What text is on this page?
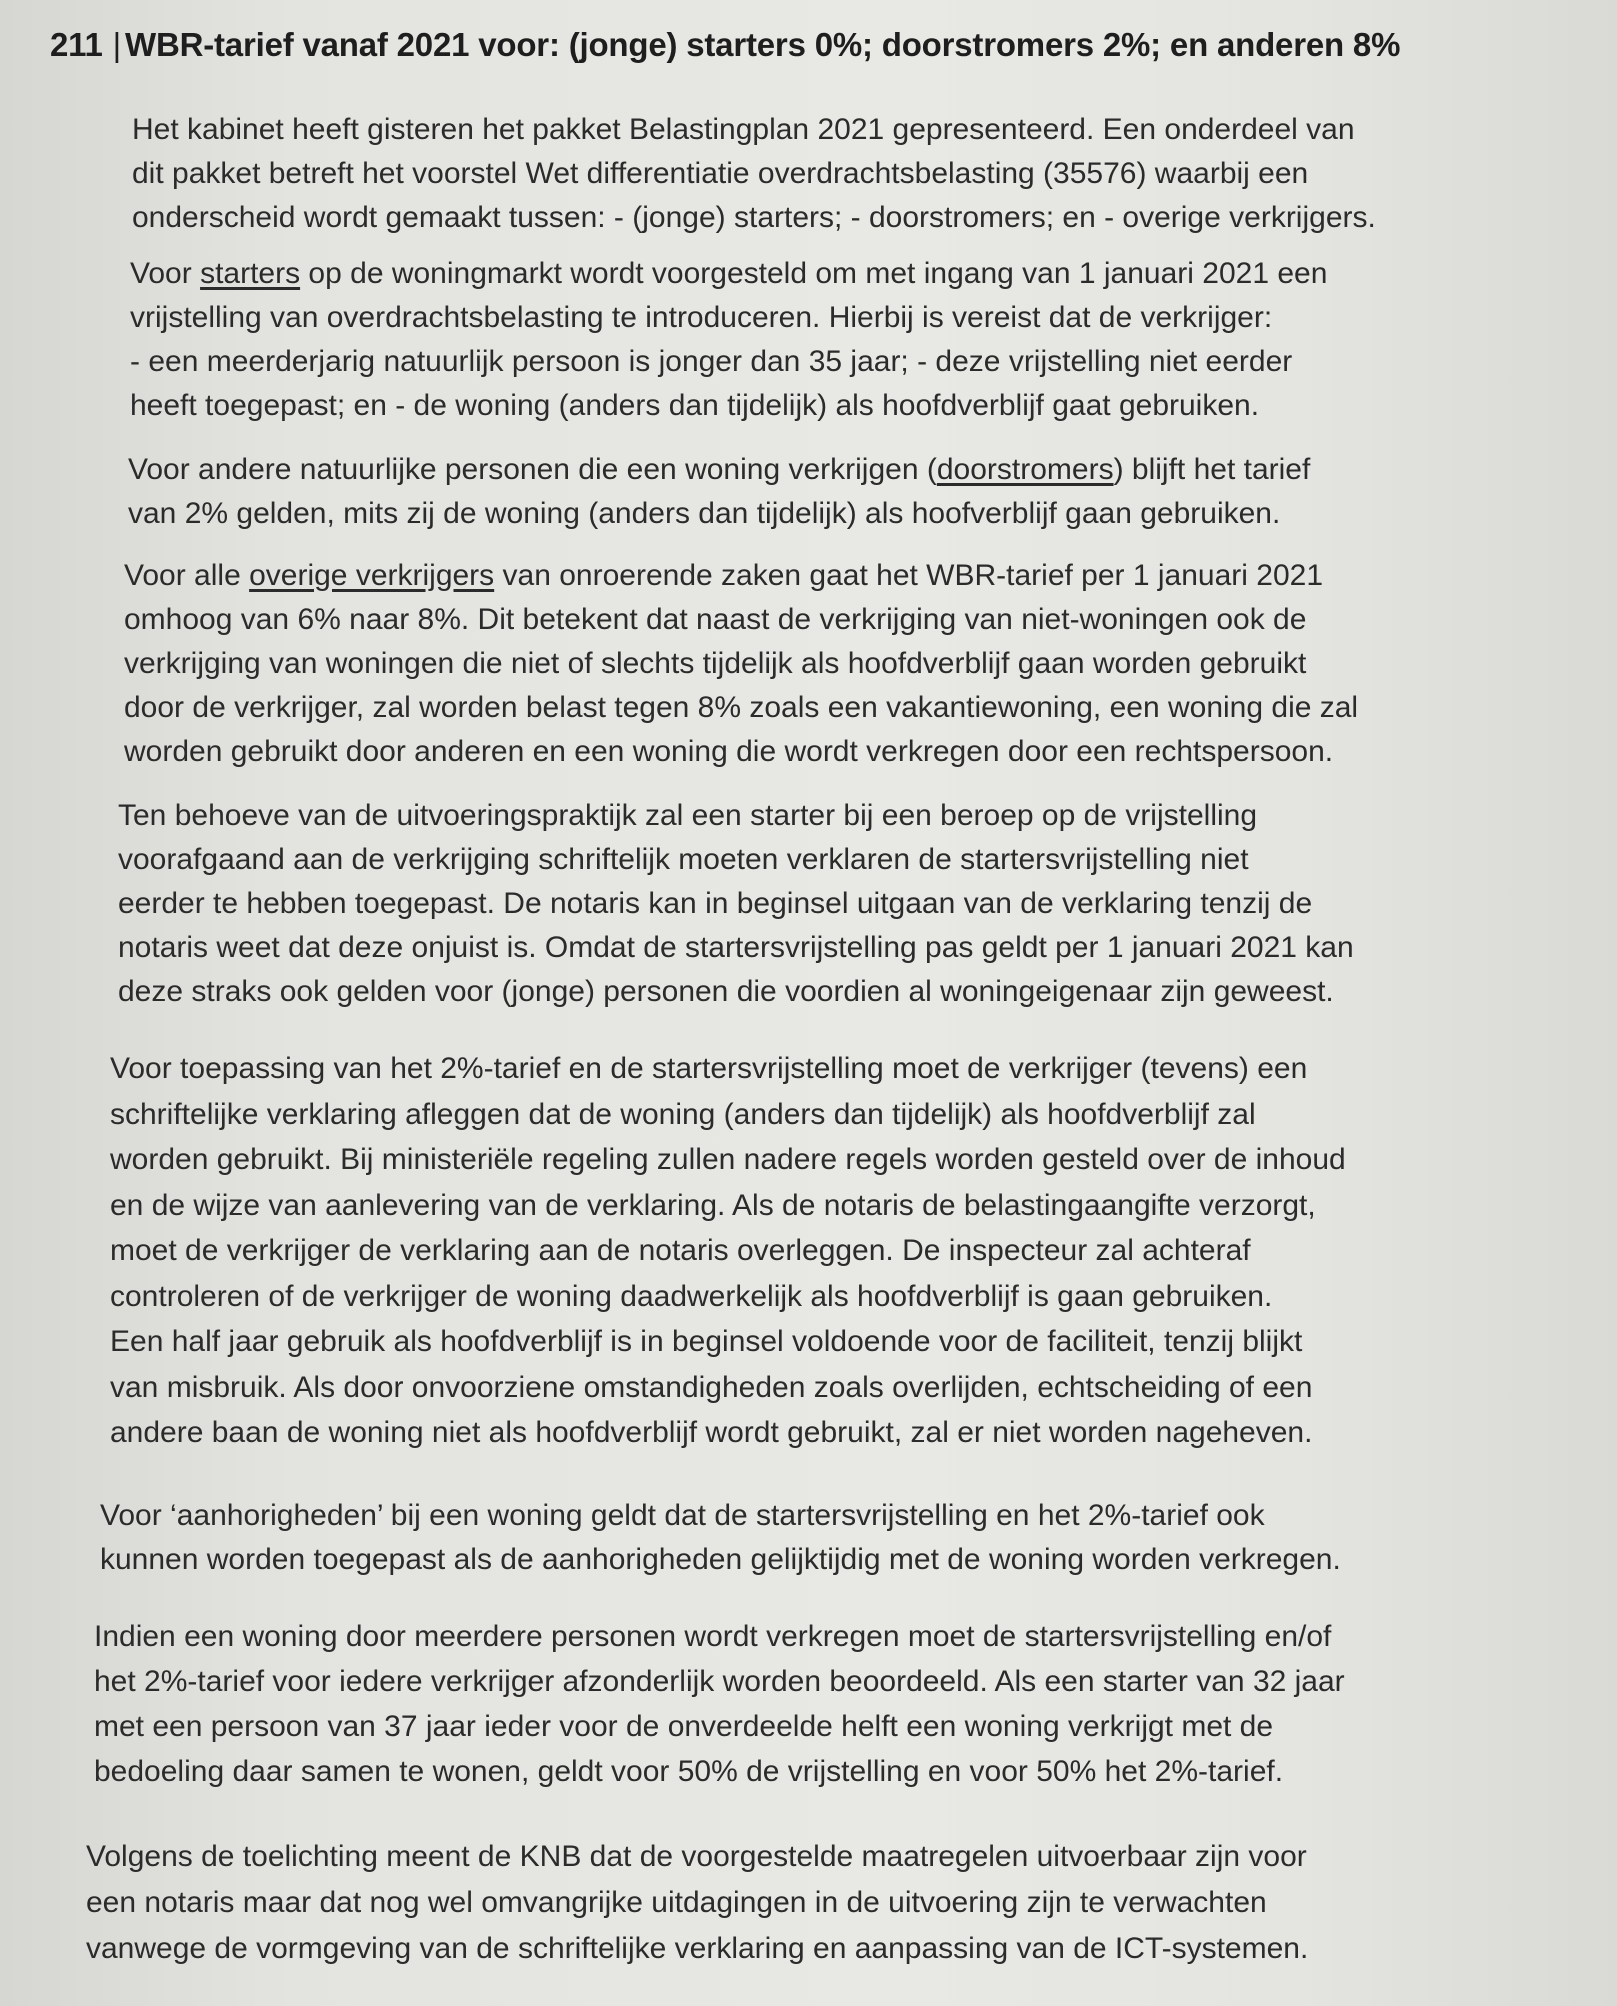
211 | WBR-tarief vanaf 2021 voor: (jonge) starters 0%; doorstromers 2%; en anderen 8%
Het kabinet heeft gisteren het pakket Belastingplan 2021 gepresenteerd. Een onderdeel van
dit pakket betreft het voorstel Wet differentiatie overdrachtsbelasting (35576) waarbij een
onderscheid wordt gemaakt tussen: - (jonge) starters; - doorstromers; en - overige verkrijgers.
Voor starters op de woningmarkt wordt voorgesteld om met ingang van 1 januari 2021 een
vrijstelling van overdrachtsbelasting te introduceren. Hierbij is vereist dat de verkrijger:
- een meerderjarig natuurlijk persoon is jonger dan 35 jaar; - deze vrijstelling niet eerder
heeft toegepast; en - de woning (anders dan tijdelijk) als hoofdverblijf gaat gebruiken.
Voor andere natuurlijke personen die een woning verkrijgen (doorstromers) blijft het tarief
van 2% gelden, mits zij de woning (anders dan tijdelijk) als hoofverblijf gaan gebruiken.
Voor alle overige verkrijgers van onroerende zaken gaat het WBR-tarief per 1 januari 2021
omhoog van 6% naar 8%. Dit betekent dat naast de verkrijging van niet-woningen ook de
verkrijging van woningen die niet of slechts tijdelijk als hoofdverblijf gaan worden gebruikt
door de verkrijger, zal worden belast tegen 8% zoals een vakantiewoning, een woning die zal
worden gebruikt door anderen en een woning die wordt verkregen door een rechtspersoon.
Ten behoeve van de uitvoeringspraktijk zal een starter bij een beroep op de vrijstelling
voorafgaand aan de verkrijging schriftelijk moeten verklaren de startersvrijstelling niet
eerder te hebben toegepast. De notaris kan in beginsel uitgaan van de verklaring tenzij de
notaris weet dat deze onjuist is. Omdat de startersvrijstelling pas geldt per 1 januari 2021 kan
deze straks ook gelden voor (jonge) personen die voordien al woningeigenaar zijn geweest.
Voor toepassing van het 2%-tarief en de startersvrijstelling moet de verkrijger (tevens) een
schriftelijke verklaring afleggen dat de woning (anders dan tijdelijk) als hoofdverblijf zal
worden gebruikt. Bij ministeriële regeling zullen nadere regels worden gesteld over de inhoud
en de wijze van aanlevering van de verklaring. Als de notaris de belastingaangifte verzorgt,
moet de verkrijger de verklaring aan de notaris overleggen. De inspecteur zal achteraf
controleren of de verkrijger de woning daadwerkelijk als hoofdverblijf is gaan gebruiken.
Een half jaar gebruik als hoofdverblijf is in beginsel voldoende voor de faciliteit, tenzij blijkt
van misbruik. Als door onvoorziene omstandigheden zoals overlijden, echtscheiding of een
andere baan de woning niet als hoofdverblijf wordt gebruikt, zal er niet worden nageheven.
Voor ‘aanhorigheden’ bij een woning geldt dat de startersvrijstelling en het 2%-tarief ook
kunnen worden toegepast als de aanhorigheden gelijktijdig met de woning worden verkregen.
Indien een woning door meerdere personen wordt verkregen moet de startersvrijstelling en/of
het 2%-tarief voor iedere verkrijger afzonderlijk worden beoordeeld. Als een starter van 32 jaar
met een persoon van 37 jaar ieder voor de onverdeelde helft een woning verkrijgt met de
bedoeling daar samen te wonen, geldt voor 50% de vrijstelling en voor 50% het 2%-tarief.
Volgens de toelichting meent de KNB dat de voorgestelde maatregelen uitvoerbaar zijn voor
een notaris maar dat nog wel omvangrijke uitdagingen in de uitvoering zijn te verwachten
vanwege de vormgeving van de schriftelijke verklaring en aanpassing van de ICT-systemen.
